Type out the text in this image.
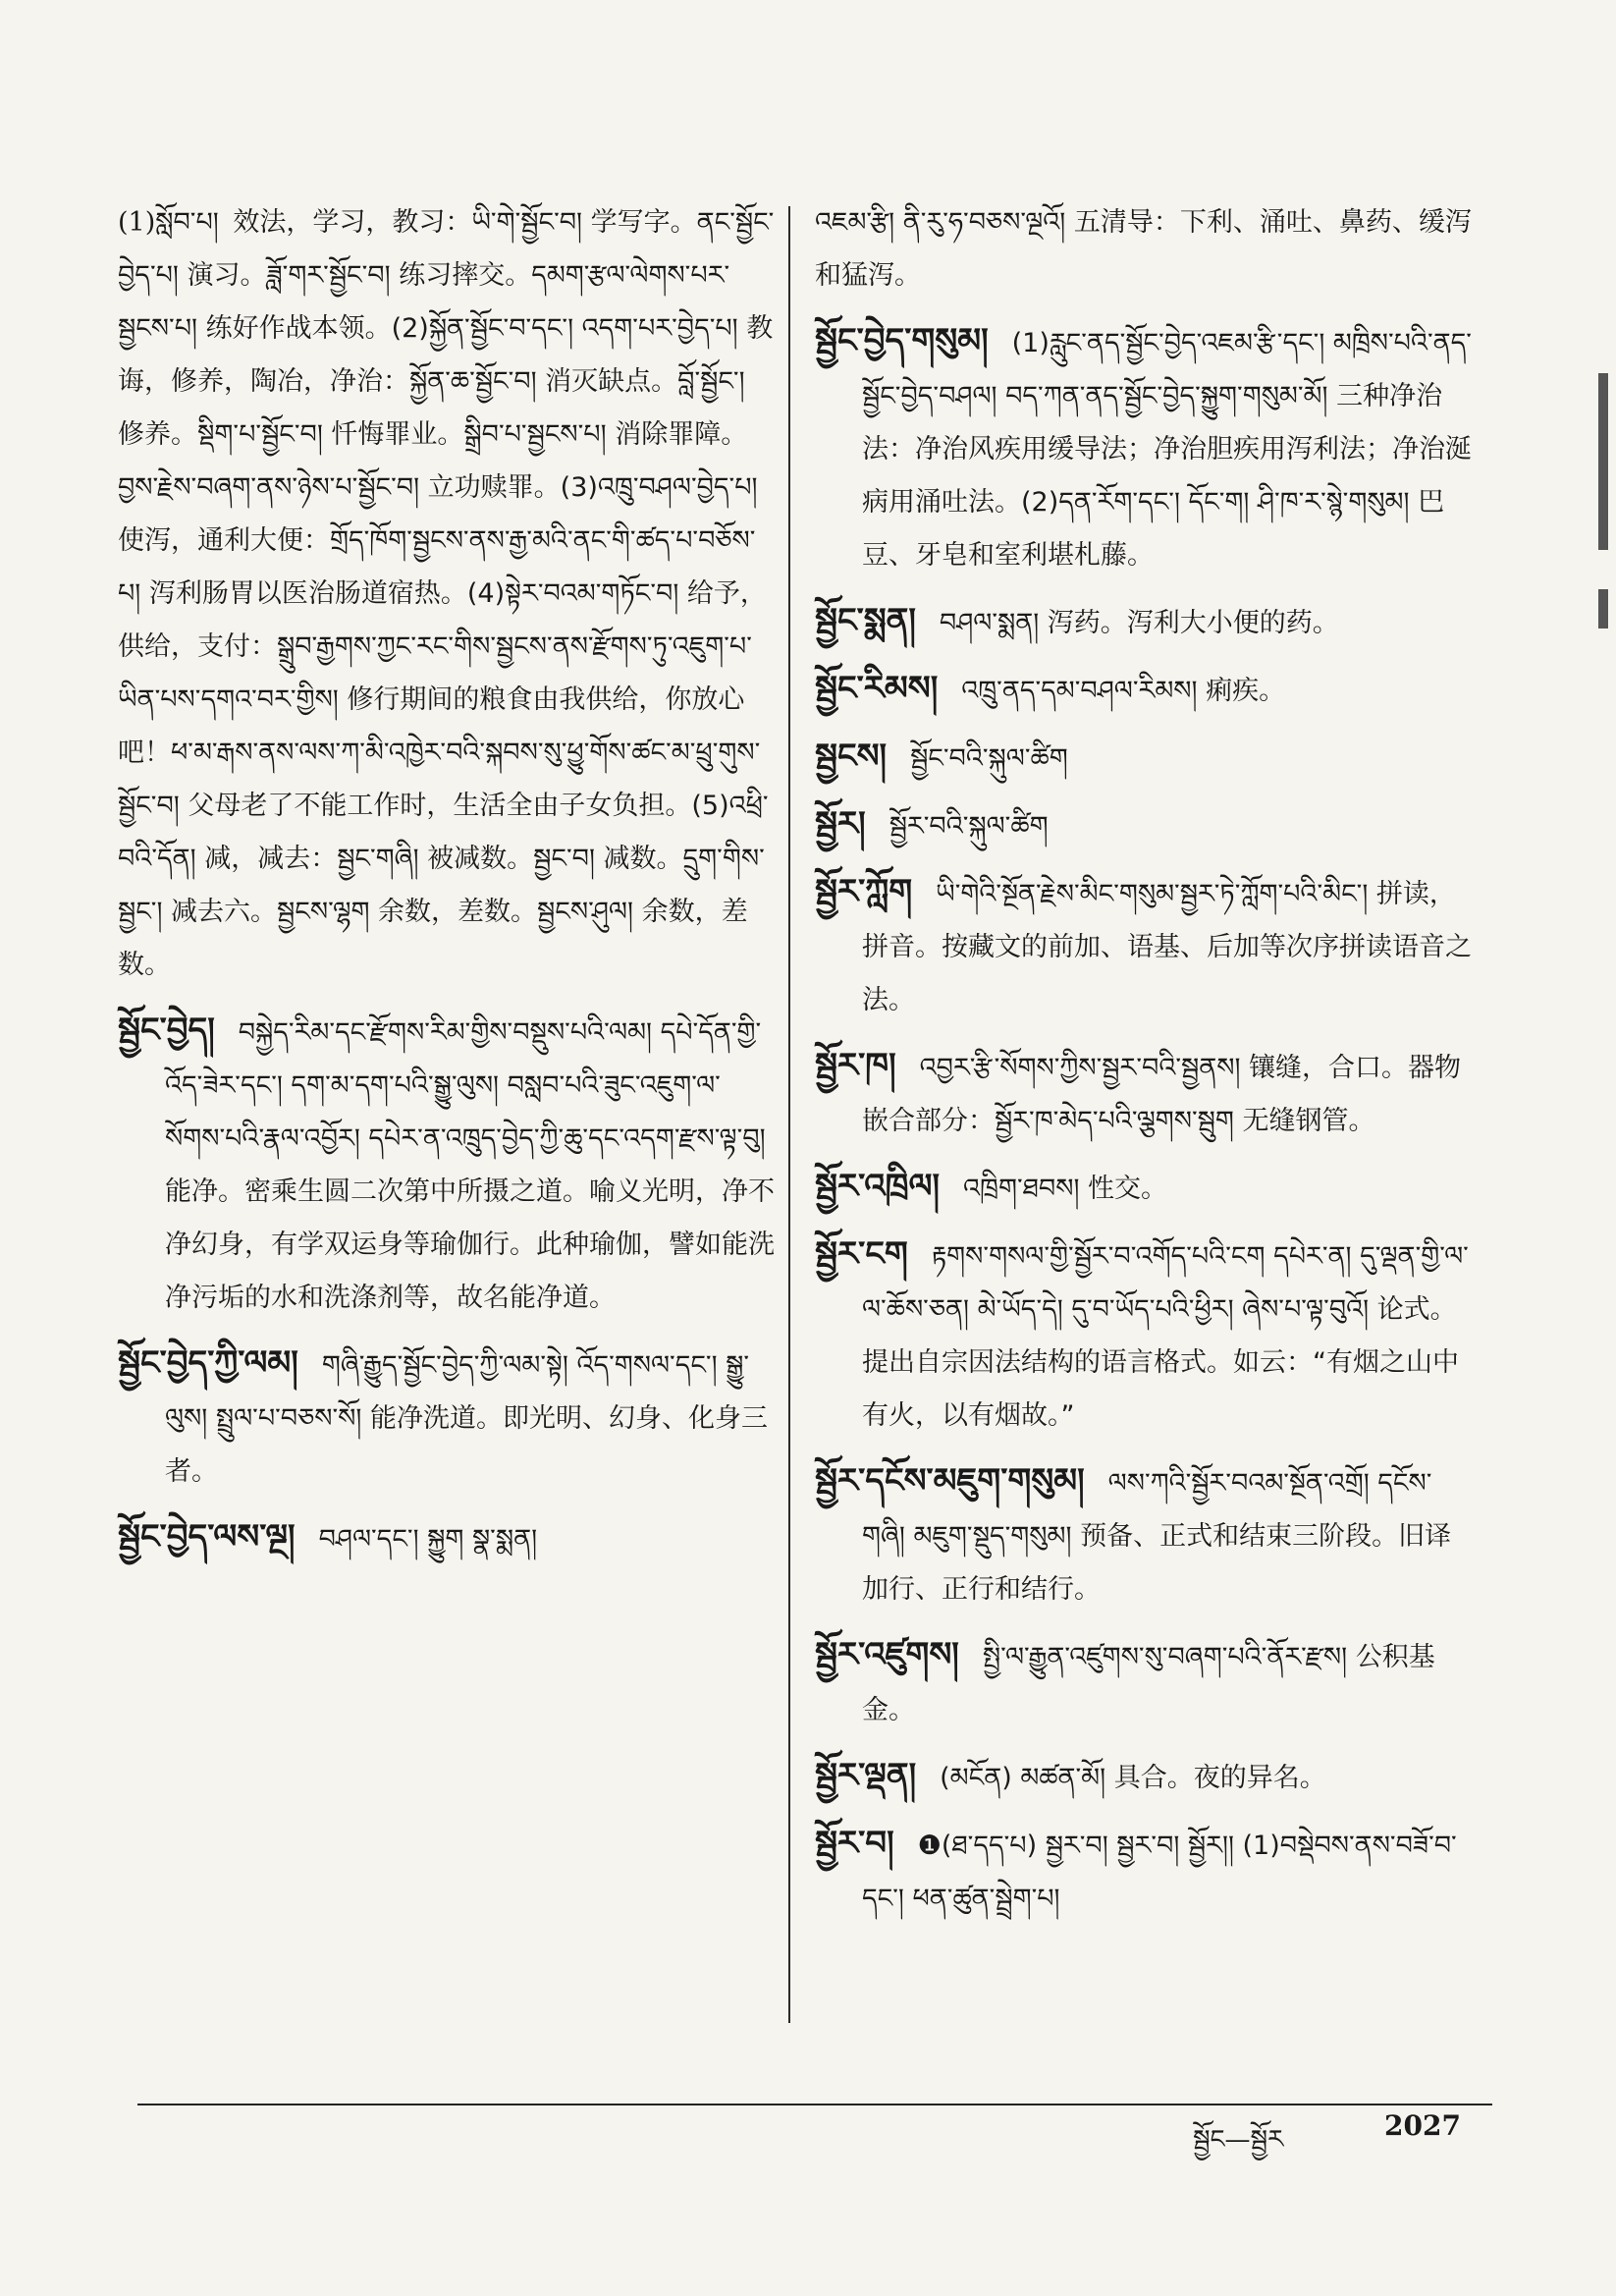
(1)སློབ་པ། 效法，学习，教习：ཡི་གེ་སྦྱོང་བ། 学写字。ནང་སྦྱོང་བྱེད་པ། 演习。ཟློ་གར་སྦྱོང་བ། 练习摔交。དམག་རྩལ་ལེགས་པར་སྦྱངས་པ། 练好作战本领。(2)སྐྱོན་སྦྱོང་བ་དང་། འདག་པར་བྱེད་པ། 教诲，修养，陶冶，净治：སྐྱོན་ཆ་སྦྱོང་བ། 消灭缺点。བློ་སྦྱོང་། 修养。སྡིག་པ་སྦྱོང་བ། 忏悔罪业。སྒྲིབ་པ་སྦྱངས་པ། 消除罪障。བྱས་རྗེས་བཞག་ནས་ཉེས་པ་སྦྱོང་བ། 立功赎罪。(3)འཁྲུ་བཤལ་བྱེད་པ། 使泻，通利大便：གྲོད་ཁོག་སྦྱངས་ནས་རྒྱ་མའི་ནང་གི་ཚད་པ་བཅོས་པ། 泻利肠胃以医治肠道宿热。(4)སྟེར་བའམ་གཏོང་བ། 给予，供给，支付：སྒྲུབ་རྒྱགས་ཀྱང་རང་གིས་སྦྱངས་ནས་རྫོགས་ཏུ་འཇུག་པ་ཡིན་པས་དགའ་བར་གྱིས། 修行期间的粮食由我供给，你放心吧！ཕ་མ་རྒས་ནས་ལས་ཀ་མི་འཁྱེར་བའི་སྐབས་སུ་ཕྱུ་གོས་ཚང་མ་ཕྲུ་གུས་སྦྱོང་བ། 父母老了不能工作时，生活全由子女负担。(5)འཕྲི་བའི་དོན། 减，减去：སྦྱང་གཞི། 被减数。སྦྱང་བ། 减数。དྲུག་གིས་སྦྱང་། 减去六。སྦྱངས་ལྷག 余数，差数。སྦྱངས་ཤུལ། 余数，差数。
སྦྱོང་བྱེད། བསྐྱེད་རིམ་དང་རྫོགས་རིམ་གྱིས་བསྡུས་པའི་ལམ། དཔེ་དོན་གྱི་འོད་ཟེར་དང་། དག་མ་དག་པའི་སྒྱུ་ལུས། བསླབ་པའི་ཟུང་འཇུག་ལ་སོགས་པའི་རྣལ་འབྱོར། དཔེར་ན་འཁྲུད་བྱེད་ཀྱི་ཆུ་དང་འདག་རྫས་ལྟ་བུ། 能净。密乘生圆二次第中所摄之道。喻义光明，净不净幻身，有学双运身等瑜伽行。此种瑜伽，譬如能洗净污垢的水和洗涤剂等，故名能净道。
སྦྱོང་བྱེད་ཀྱི་ལམ། གཞི་རྒྱུད་སྦྱོང་བྱེད་ཀྱི་ལམ་སྟེ། འོད་གསལ་དང་། སྒྱུ་ལུས། སྤྲུལ་པ་བཅས་སོ། 能净洗道。即光明、幻身、化身三者。
སྦྱོང་བྱེད་ལས་ལྔ། བཤལ་དང་། སྐྱུག སྣ་སྨན།
འཇམ་རྩི། ནི་རུ་ཧ་བཅས་ལྔའོ། 五清导：下利、涌吐、鼻药、缓泻和猛泻。
སྦྱོང་བྱེད་གསུམ། (1)རླུང་ནད་སྦྱོང་བྱེད་འཇམ་རྩི་དང་། མཁྲིས་པའི་ནད་སྦྱོང་བྱེད་བཤལ། བད་ཀན་ནད་སྦྱོང་བྱེད་སྐྱུག་གསུམ་མོ། 三种净治法：净治风疾用缓导法；净治胆疾用泻利法；净治涎病用涌吐法。(2)དན་རོག་དང་། དོང་ག། ཤི་ཁ་ར་སྙེ་གསུམ། 巴豆、牙皂和室利堪札藤。
སྦྱོང་སྨན། བཤལ་སྨན། 泻药。泻利大小便的药。
སྦྱོང་རིམས། འཁྲུ་ནད་དམ་བཤལ་རིམས། 痢疾。
སྦྱངས། སྦྱོང་བའི་སྐུལ་ཚིག
སྦྱོར། སྦྱོར་བའི་སྐུལ་ཚིག
སྦྱོར་ཀློག ཡི་གེའི་སྔོན་རྗེས་མིང་གསུམ་སྦྱར་ཏེ་ཀློག་པའི་མིང་། 拼读，拼音。按藏文的前加、语基、后加等次序拼读语音之法。
སྦྱོར་ཁ། འབྱར་རྩི་སོགས་ཀྱིས་སྦྱར་བའི་སྦྱནས། 镶缝，合口。器物嵌合部分：སྦྱོར་ཁ་མེད་པའི་ལྕགས་སྦུག 无缝钢管。
སྦྱོར་འཁྲིལ། འཁྲིག་ཐབས། 性交。
སྦྱོར་ངག རྟགས་གསལ་གྱི་སྦྱོར་བ་འགོད་པའི་ངག དཔེར་ན། དུ་ལྡན་གྱི་ལ་ལ་ཆོས་ཅན། མེ་ཡོད་དེ། དུ་བ་ཡོད་པའི་ཕྱིར། ཞེས་པ་ལྟ་བུའོ། 论式。提出自宗因法结构的语言格式。如云：“有烟之山中有火，以有烟故。”
སྦྱོར་དངོས་མཇུག་གསུམ། ལས་ཀའི་སྦྱོར་བའམ་སྔོན་འགྲོ། དངོས་གཞི། མཇུག་སྡུད་གསུམ། 预备、正式和结束三阶段。旧译加行、正行和结行。
སྦྱོར་འཛུགས། སྤྱི་ལ་རྒྱུན་འཛུགས་སུ་བཞག་པའི་ནོར་རྫས། 公积基金。
སྦྱོར་ལྡན། (མངོན) མཚན་མོ། 具合。夜的异名。
སྦྱོར་བ། ❶(ཐ་དད་པ) སྦྱར་བ། སྦྱར་བ། སྦྱོར།། (1)བསྡེབས་ནས་བཟོ་བ་དང་། ཕན་ཚུན་སྦྲེག་པ།
སྦྱོང—སྦྱོར	2027
